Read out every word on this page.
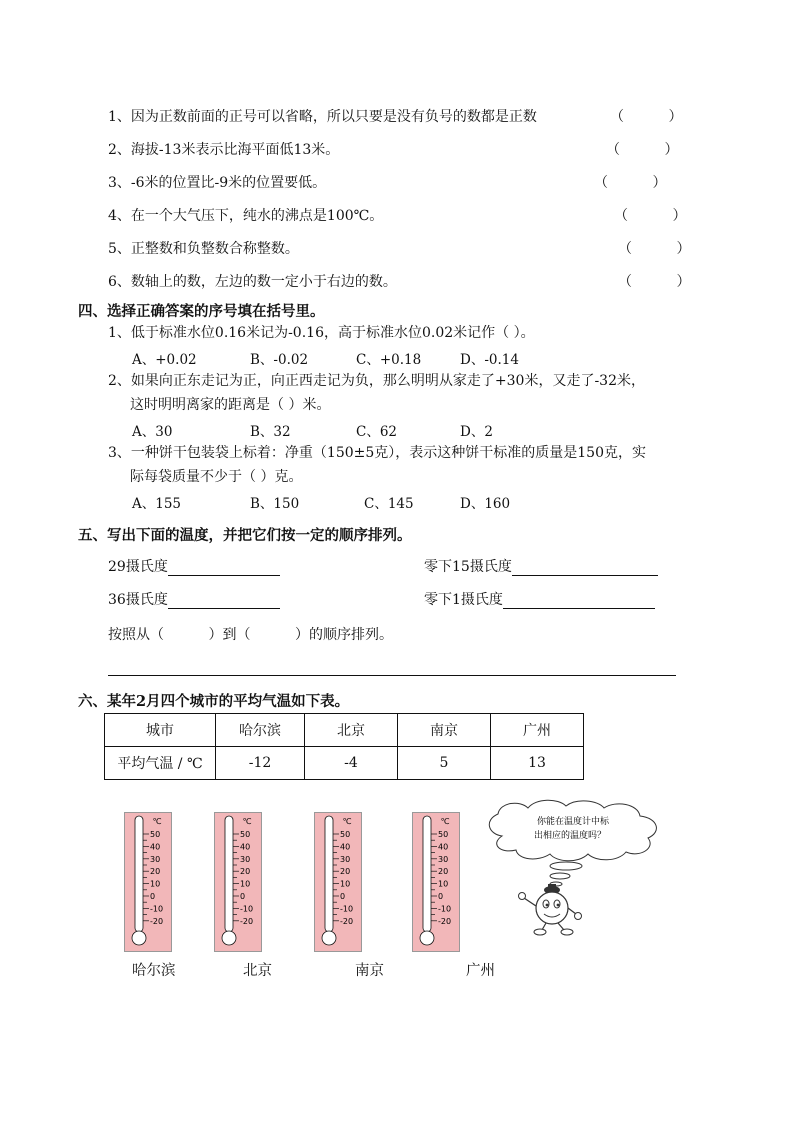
1、因为正数前面的正号可以省略，所以只要是没有负号的数都是正数	（          ）
2、海拔-13米表示比海平面低13米。	（          ）
3、-6米的位置比-9米的位置要低。	（          ）
4、在一个大气压下，纯水的沸点是100℃。	（          ）
5、正整数和负整数合称整数。	（          ）
6、数轴上的数，左边的数一定小于右边的数。	（          ）
四、选择正确答案的序号填在括号里。
1、低于标准水位0.16米记为-0.16，高于标准水位0.02米记作（ ）。
A、+0.02	B、-0.02	C、+0.18	D、-0.14
2、如果向正东走记为正，向正西走记为负，那么明明从家走了+30米，又走了-32米，
这时明明离家的距离是（ ）米。
A、30	B、32	C、62	D、2
3、一种饼干包装袋上标着：净重（150±5克），表示这种饼干标准的质量是150克，实
际每袋质量不少于（ ）克。
A、155	B、150	C、145	D、160
五、写出下面的温度，并把它们按一定的顺序排列。
29摄氏度	零下15摄氏度
36摄氏度	零下1摄氏度
按照从（          ）到（          ）的顺序排列。
六、某年2月四个城市的平均气温如下表。
城市	哈尔滨	北京	南京	广州
平均气温 / ℃	-12	-4	5	13
℃
50
40
30
20
10
0
-10
-20
℃
50
40
30
20
10
0
-10
-20
℃
50
40
30
20
10
0
-10
-20
℃
50
40
30
20
10
0
-10
-20
哈尔滨	北京	南京	广州
你能在温度计中标
出相应的温度吗？
